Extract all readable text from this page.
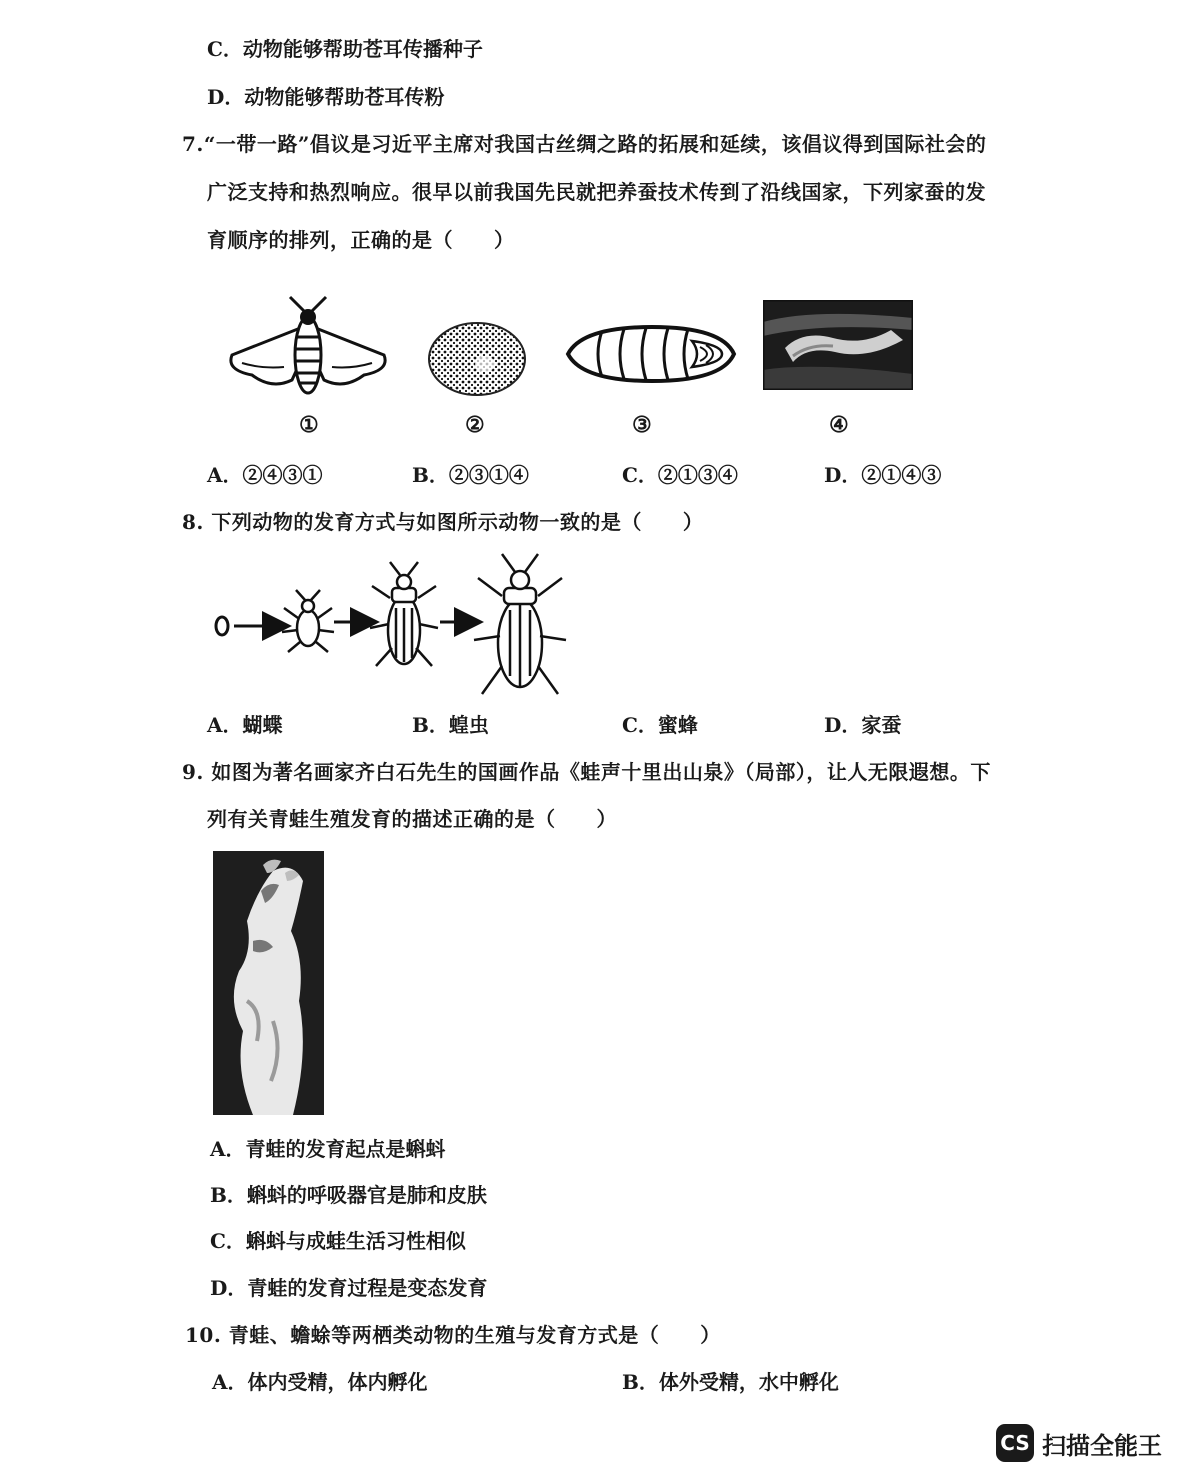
C．动物能够帮助苍耳传播种子
D．动物能够帮助苍耳传粉
7.“一带一路”倡议是习近平主席对我国古丝绸之路的拓展和延续，该倡议得到国际社会的
广泛支持和热烈响应。很早以前我国先民就把养蚕技术传到了沿线国家，下列家蚕的发
育顺序的排列，正确的是（　　）
①	②	③	④
A．②④③①	B．②③①④	C．②①③④	D．②①④③
8. 下列动物的发育方式与如图所示动物一致的是（　　）
A．蝴蝶	B．蝗虫	C．蜜蜂	D．家蚕
9. 如图为著名画家齐白石先生的国画作品《蛙声十里出山泉》（局部），让人无限遐想。下
列有关青蛙生殖发育的描述正确的是（　　）
A．青蛙的发育起点是蝌蚪
B．蝌蚪的呼吸器官是肺和皮肤
C．蝌蚪与成蛙生活习性相似
D．青蛙的发育过程是变态发育
10. 青蛙、蟾蜍等两栖类动物的生殖与发育方式是（　　）
A．体内受精，体内孵化	B．体外受精，水中孵化
CS 扫描全能王
